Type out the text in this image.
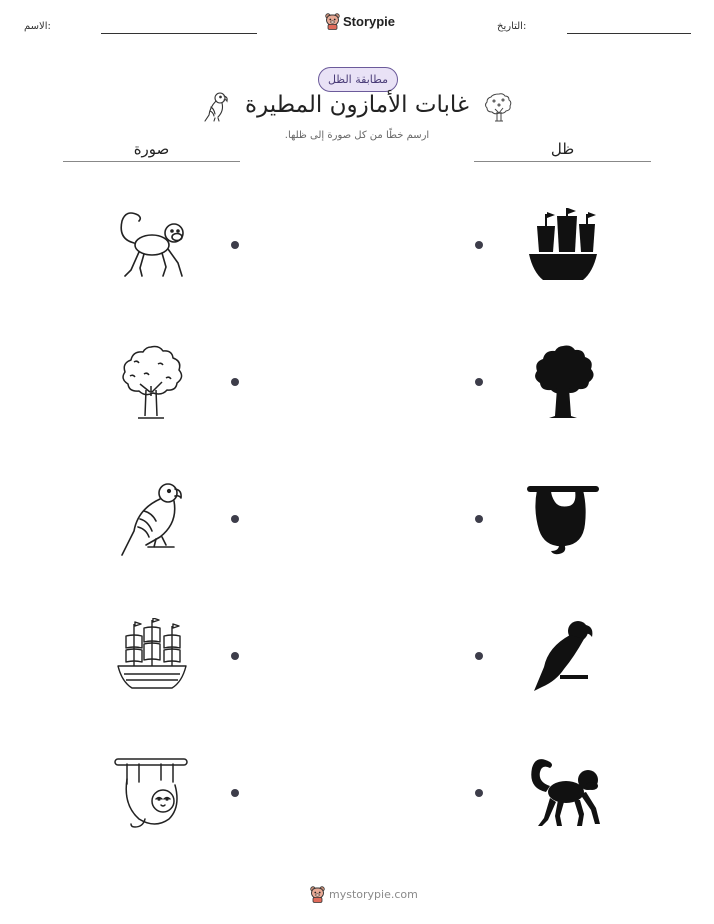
الاسم:	Storypie	التاريخ:
مطابقة الظل
غابات الأمازون المطيرة
ارسم خطًا من كل صورة إلى ظلها.
صورة	ظل
mystorypie.com
